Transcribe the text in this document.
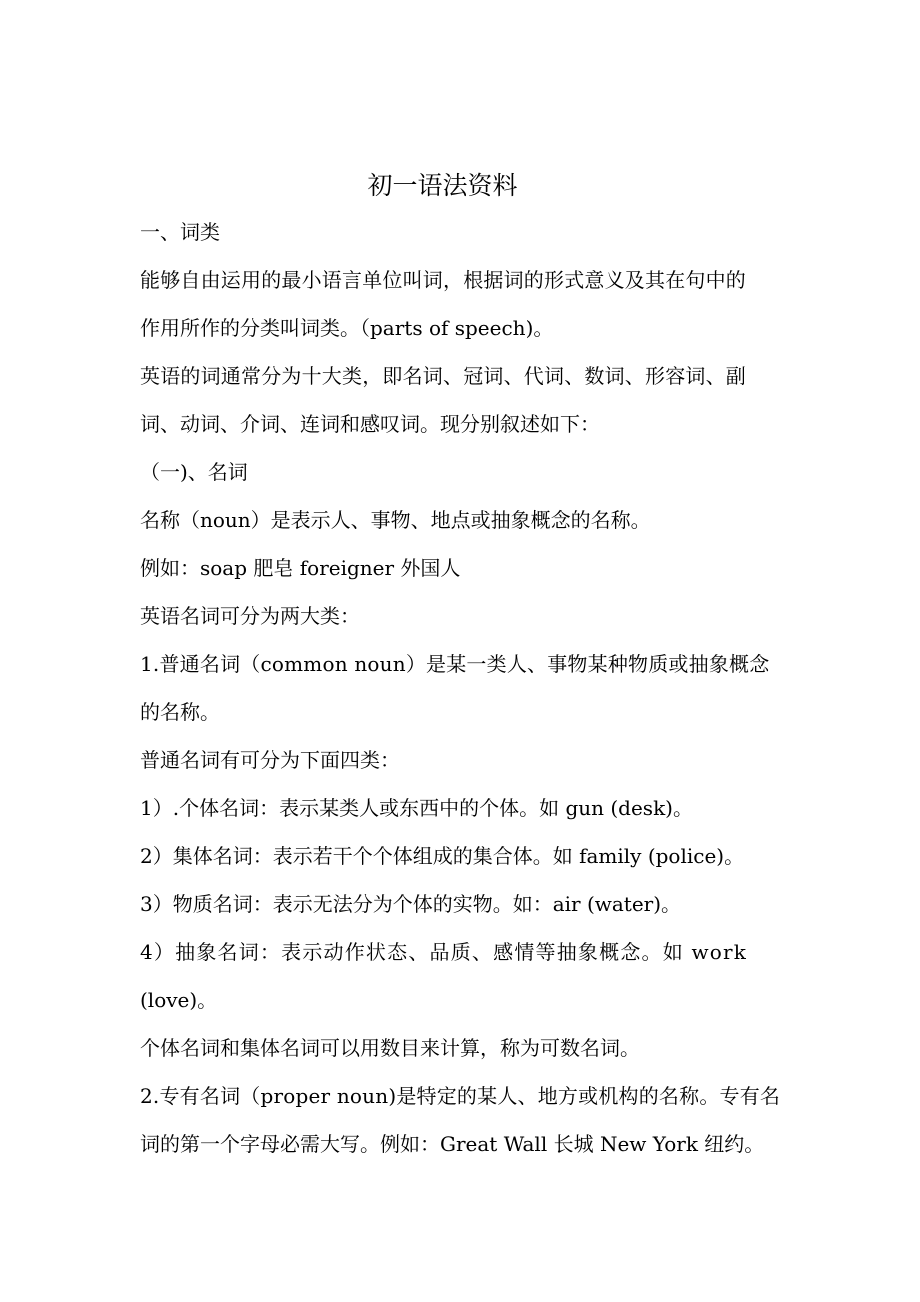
初一语法资料
一、词类
能够自由运用的最小语言单位叫词，根据词的形式意义及其在句中的
作用所作的分类叫词类。（parts of speech)。
英语的词通常分为十大类，即名词、冠词、代词、数词、形容词、副
词、动词、介词、连词和感叹词。现分别叙述如下：
（一)、名词
名称（noun）是表示人、事物、地点或抽象概念的名称。
例如：soap 肥皂 foreigner 外国人
英语名词可分为两大类：
1.普通名词（common noun）是某一类人、事物某种物质或抽象概念
的名称。
普通名词有可分为下面四类：
1）.个体名词：表示某类人或东西中的个体。如 gun (desk)。
2）集体名词：表示若干个个体组成的集合体。如 family (police)。
3）物质名词：表示无法分为个体的实物。如：air (water)。
4）抽象名词：表示动作状态、品质、感情等抽象概念。如 work
(love)。
个体名词和集体名词可以用数目来计算，称为可数名词。
2.专有名词（proper noun)是特定的某人、地方或机构的名称。专有名
词的第一个字母必需大写。例如：Great Wall 长城 New York 纽约。
